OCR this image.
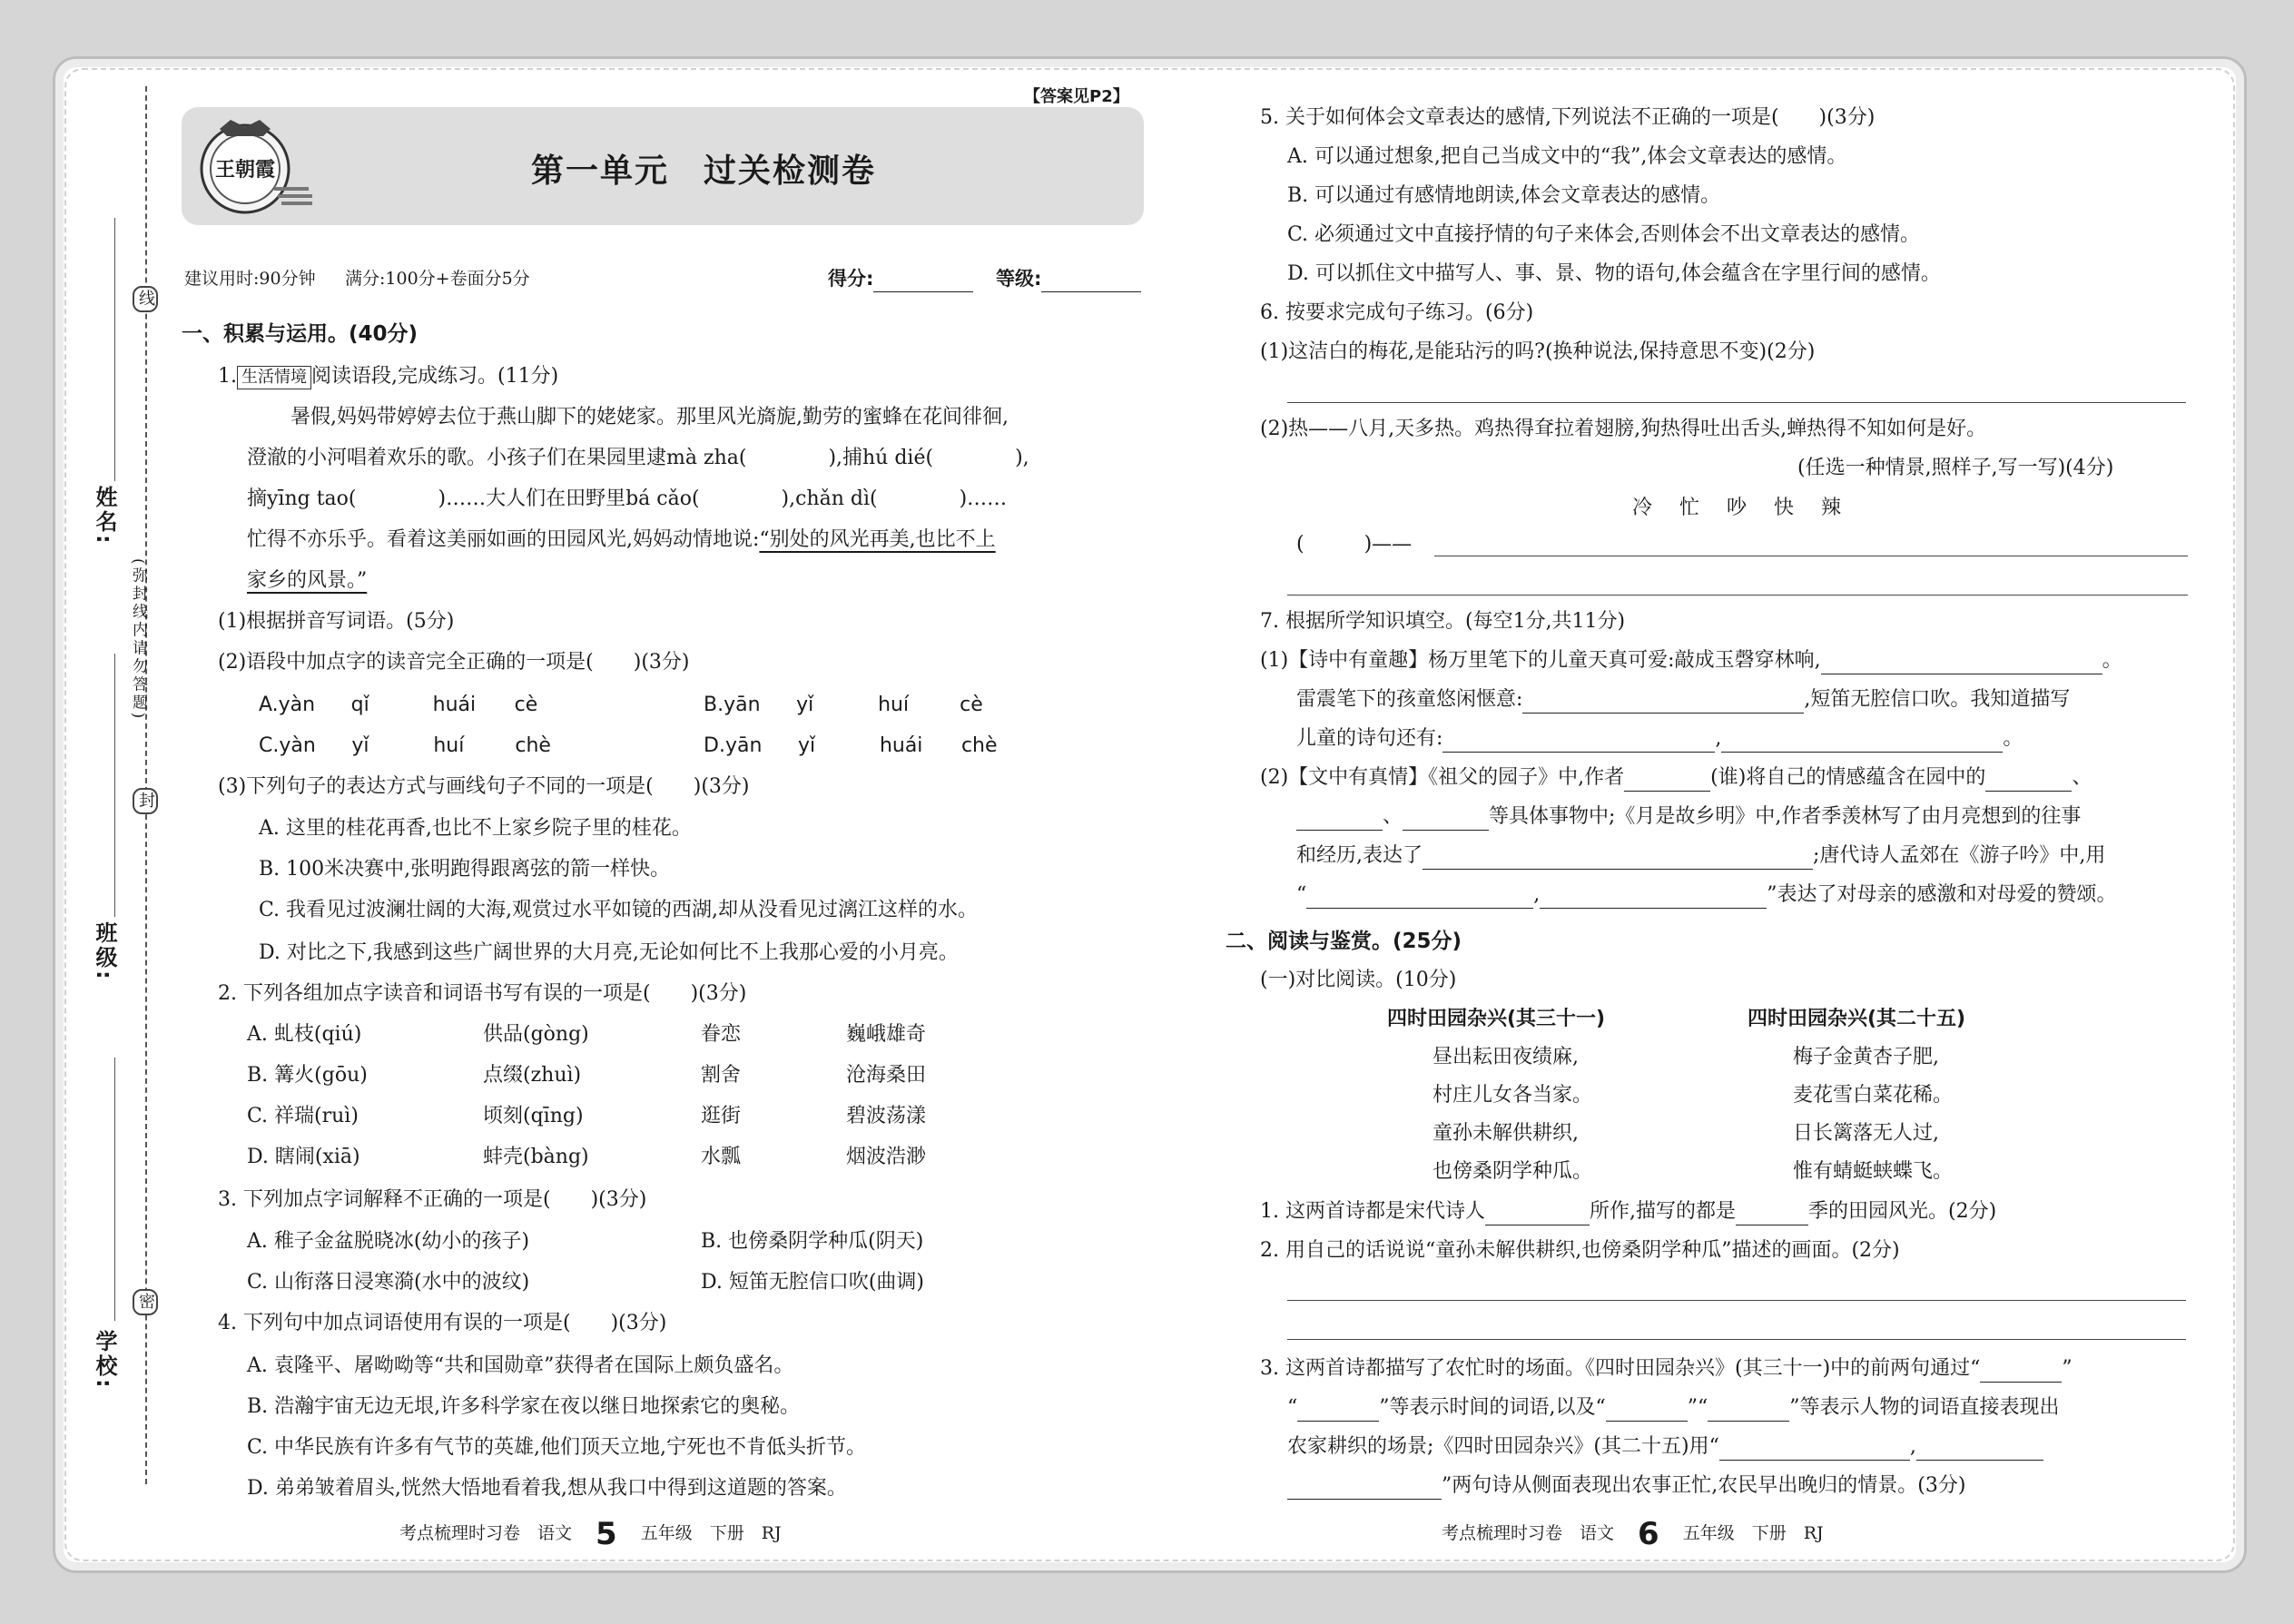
线
封
密
(弥封线内请勿答题)
姓名:
班级:
学校:
【答案见P2】
王朝霞	第一单元　过关检测卷
建议用时:90分钟 满分:100分+卷面分5分	得分:	等级:
一、积累与运用。(40分)
1. 生活情境 阅读语段,完成练习。(11分)
暑假,妈妈带婷婷去位于燕山脚下的姥姥家。那里风光旖旎,勤劳的蜜蜂在花间徘徊,
澄澈的小河唱着欢乐的歌。小孩子们在果园里逮mà zha(	),捕hú dié(	),
摘yīng tao(	)……大人们在田野里bá cǎo(	),chǎn dì(	)……
忙得不亦乐乎。看着这美丽如画的田园风光,妈妈动情地说:“别处的风光再美,也比不上
家乡的风景。”
(1)根据拼音写词语。(5分)
(2)语段中加点字的读音完全正确的一项是(　　)(3分)
A.yàn qǐ	huái cè	B.yān yǐ	huí	cè
C.yàn yǐ	huí	chè	D.yān yǐ	huái chè
(3)下列句子的表达方式与画线句子不同的一项是(　　)(3分)
A. 这里的桂花再香,也比不上家乡院子里的桂花。
B. 100米决赛中,张明跑得跟离弦的箭一样快。
C. 我看见过波澜壮阔的大海,观赏过水平如镜的西湖,却从没看见过漓江这样的水。
D. 对比之下,我感到这些广阔世界的大月亮,无论如何比不上我那心爱的小月亮。
2. 下列各组加点字读音和词语书写有误的一项是(　　)(3分)
A. 虬枝(qiú)	供品(gòng)	眷恋	巍峨雄奇
B. 篝火(gōu)	点缀(zhuì)	割舍	沧海桑田
C. 祥瑞(ruì)	顷刻(qīng)	逛街	碧波荡漾
D. 瞎闹(xiā)	蚌壳(bàng)	水瓢	烟波浩渺
3. 下列加点字词解释不正确的一项是(　　)(3分)
A. 稚子金盆脱晓冰(幼小的孩子)	B. 也傍桑阴学种瓜(阴天)
C. 山衔落日浸寒漪(水中的波纹)	D. 短笛无腔信口吹(曲调)
4. 下列句中加点词语使用有误的一项是(　　)(3分)
A. 袁隆平、屠呦呦等“共和国勋章”获得者在国际上颇负盛名。
B. 浩瀚宇宙无边无垠,许多科学家在夜以继日地探索它的奥秘。
C. 中华民族有许多有气节的英雄,他们顶天立地,宁死也不肯低头折节。
D. 弟弟皱着眉头,恍然大悟地看着我,想从我口中得到这道题的答案。
考点梳理时习卷　语文 5 五年级　下册　RJ
5. 关于如何体会文章表达的感情,下列说法不正确的一项是(　　)(3分)
A. 可以通过想象,把自己当成文中的“我”,体会文章表达的感情。
B. 可以通过有感情地朗读,体会文章表达的感情。
C. 必须通过文中直接抒情的句子来体会,否则体会不出文章表达的感情。
D. 可以抓住文中描写人、事、景、物的语句,体会蕴含在字里行间的感情。
6. 按要求完成句子练习。(6分)
(1)这洁白的梅花,是能玷污的吗?(换种说法,保持意思不变)(2分)
(2)热——八月,天多热。鸡热得耷拉着翅膀,狗热得吐出舌头,蝉热得不知如何是好。
(任选一种情景,照样子,写一写)(4分)
冷　忙　吵　快　辣
(　　　)——
7. 根据所学知识填空。(每空1分,共11分)
(1)【诗中有童趣】杨万里笔下的儿童天真可爱:敲成玉磬穿林响,	。
雷震笔下的孩童悠闲惬意:	,短笛无腔信口吹。我知道描写
儿童的诗句还有:	,	。
(2)【文中有真情】《祖父的园子》中,作者	(谁)将自己的情感蕴含在园中的	、
、	等具体事物中;《月是故乡明》中,作者季羡林写了由月亮想到的往事
和经历,表达了	;唐代诗人孟郊在《游子吟》中,用
“	,	”表达了对母亲的感激和对母爱的赞颂。
二、阅读与鉴赏。(25分)
(一)对比阅读。(10分)
四时田园杂兴(其三十一)
昼出耘田夜绩麻,
村庄儿女各当家。
童孙未解供耕织,
也傍桑阴学种瓜。
四时田园杂兴(其二十五)
梅子金黄杏子肥,
麦花雪白菜花稀。
日长篱落无人过,
惟有蜻蜓蛱蝶飞。
1. 这两首诗都是宋代诗人	所作,描写的都是	季的田园风光。(2分)
2. 用自己的话说说“童孙未解供耕织,也傍桑阴学种瓜”描述的画面。(2分)
3. 这两首诗都描写了农忙时的场面。《四时田园杂兴》(其三十一)中的前两句通过“	”
“	”等表示时间的词语,以及“	”“	”等表示人物的词语直接表现出
农家耕织的场景;《四时田园杂兴》(其二十五)用“	,
”两句诗从侧面表现出农事正忙,农民早出晚归的情景。(3分)
考点梳理时习卷　语文 6 五年级　下册　RJ
